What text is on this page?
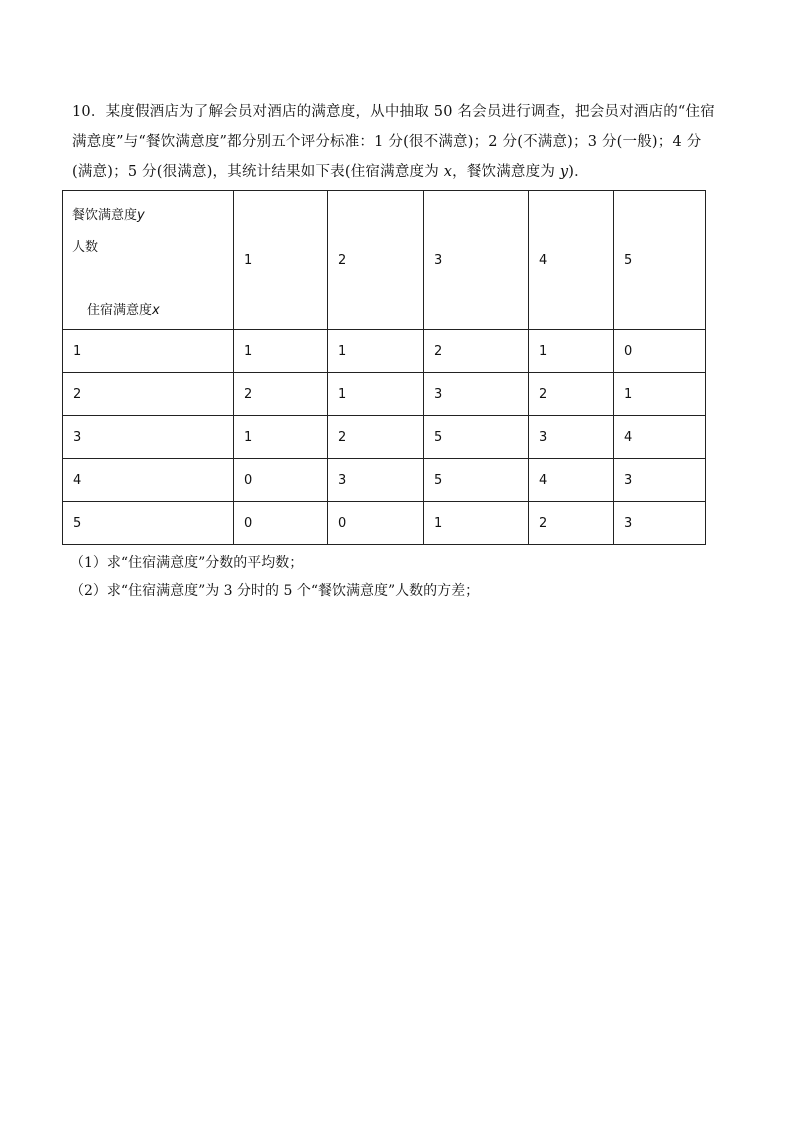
10．某度假酒店为了解会员对酒店的满意度，从中抽取 50 名会员进行调查，把会员对酒店的“住宿满意度”与“餐饮满意度”都分别五个评分标准：1 分(很不满意)；2 分(不满意)；3 分(一般)；4 分(满意)；5 分(很满意)，其统计结果如下表(住宿满意度为 x，餐饮满意度为 y)．

餐饮满意度y
人数
住宿满意度x	1	2	3	4	5
1	1	1	2	1	0
2	2	1	3	2	1
3	1	2	5	3	4
4	0	3	5	4	3
5	0	0	1	2	3

（1）求“住宿满意度”分数的平均数；

（2）求“住宿满意度”为 3 分时的 5 个“餐饮满意度”人数的方差；
